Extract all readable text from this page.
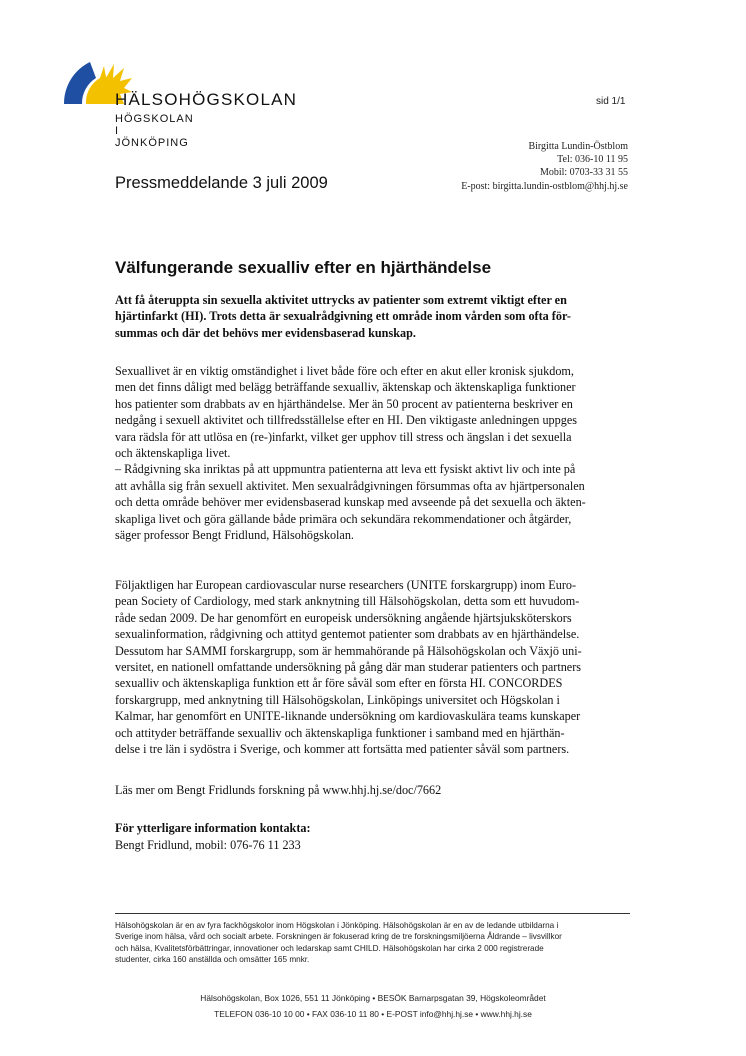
HÄLSOHÖGSKOLAN
HÖGSKOLAN I JÖNKÖPING
sid 1/1
Birgitta Lundin-Östblom
Tel: 036-10 11 95
Mobil: 0703-33 31 55
E-post: birgitta.lundin-ostblom@hhj.hj.se
Pressmeddelande 3 juli 2009
Välfungerande sexualliv efter en hjärthändelse

Att få återuppta sin sexuella aktivitet uttrycks av patienter som extremt viktigt efter en

hjärtinfarkt (HI). Trots detta är sexualrådgivning ett område inom vården som ofta för-

summas och där det behövs mer evidensbaserad kunskap.

Sexuallivet är en viktig omständighet i livet både före och efter en akut eller kronisk sjukdom,

men det finns dåligt med belägg beträffande sexualliv, äktenskap och äktenskapliga funktioner

hos patienter som drabbats av en hjärthändelse. Mer än 50 procent av patienterna beskriver en

nedgång i sexuell aktivitet och tillfredsställelse efter en HI. Den viktigaste anledningen uppges

vara rädsla för att utlösa en (re-)infarkt, vilket ger upphov till stress och ängslan i det sexuella

och äktenskapliga livet.

– Rådgivning ska inriktas på att uppmuntra patienterna att leva ett fysiskt aktivt liv och inte på

att avhålla sig från sexuell aktivitet. Men sexualrådgivningen försummas ofta av hjärtpersonalen

och detta område behöver mer evidensbaserad kunskap med avseende på det sexuella och äkten-

skapliga livet och göra gällande både primära och sekundära rekommendationer och åtgärder,

säger professor Bengt Fridlund, Hälsohögskolan.

Följaktligen har European cardiovascular nurse researchers (UNITE forskargrupp) inom Euro-

pean Society of Cardiology, med stark anknytning till Hälsohögskolan, detta som ett huvudom-

råde sedan 2009. De har genomfört en europeisk undersökning angående hjärtsjuksköterskors

sexualinformation, rådgivning och attityd gentemot patienter som drabbats av en hjärthändelse.

Dessutom har SAMMI forskargrupp, som är hemmahörande på Hälsohögskolan och Växjö uni-

versitet, en nationell omfattande undersökning på gång där man studerar patienters och partners

sexualliv och äktenskapliga funktion ett år före såväl som efter en första HI. CONCORDES

forskargrupp, med anknytning till Hälsohögskolan, Linköpings universitet och Högskolan i

Kalmar, har genomfört en UNITE-liknande undersökning om kardiovaskulära teams kunskaper

och attityder beträffande sexualliv och äktenskapliga funktioner i samband med en hjärthän-

delse i tre län i sydöstra i Sverige, och kommer att fortsätta med patienter såväl som partners.

Läs mer om Bengt Fridlunds forskning på www.hhj.hj.se/doc/7662

För ytterligare information kontakta:

Bengt Fridlund, mobil: 076-76 11 233

Hälsohögskolan är en av fyra fackhögskolor inom Högskolan i Jönköping. Hälsohögskolan är en av de ledande utbildarna i

Sverige inom hälsa, vård och socialt arbete. Forskningen är fokuserad kring de tre forskningsmiljöerna Åldrande – livsvillkor

och hälsa, Kvalitetsförbättringar, innovationer och ledarskap samt CHILD. Hälsohögskolan har cirka 2 000 registrerade

studenter, cirka 160 anställda och omsätter 165 mnkr.

Hälsohögskolan, Box 1026, 551 11 Jönköping • BESÖK Barnarpsgatan 39, Högskoleområdet
TELEFON 036-10 10 00 • FAX 036-10 11 80 • E-POST info@hhj.hj.se • www.hhj.hj.se
